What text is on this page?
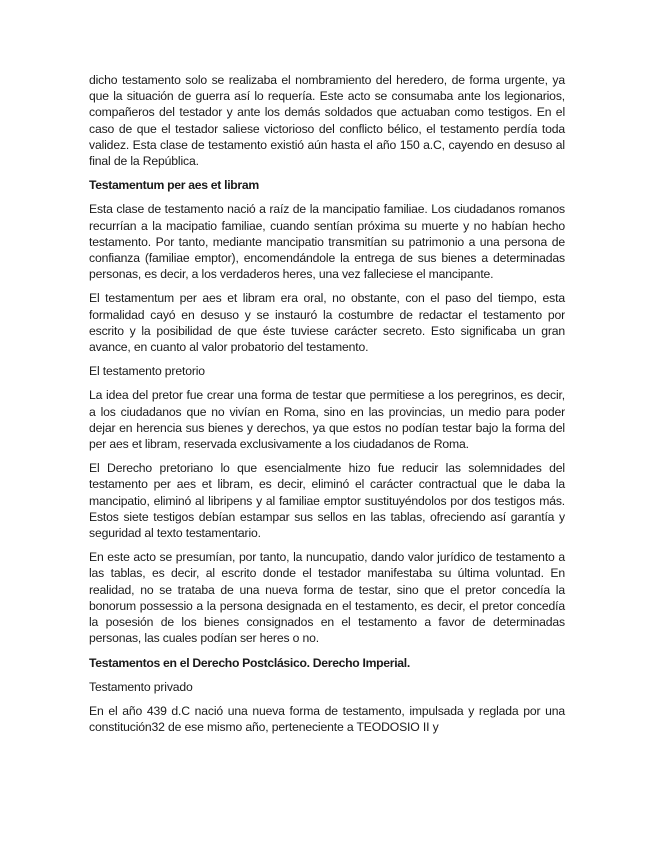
dicho testamento solo se realizaba el nombramiento del heredero, de forma urgente, ya que la situación de guerra así lo requería. Este acto se consumaba ante los legionarios, compañeros del testador y ante los demás soldados que actuaban como testigos. En el caso de que el testador saliese victorioso del conflicto bélico, el testamento perdía toda validez. Esta clase de testamento existió aún hasta el año 150 a.C, cayendo en desuso al final de la República.

Testamentum per aes et libram

Esta clase de testamento nació a raíz de la mancipatio familiae. Los ciudadanos romanos recurrían a la macipatio familiae, cuando sentían próxima su muerte y no habían hecho testamento. Por tanto, mediante mancipatio transmitían su patrimonio a una persona de confianza (familiae emptor), encomendándole la entrega de sus bienes a determinadas personas, es decir, a los verdaderos heres, una vez falleciese el mancipante.

El testamentum per aes et libram era oral, no obstante, con el paso del tiempo, esta formalidad cayó en desuso y se instauró la costumbre de redactar el testamento por escrito y la posibilidad de que éste tuviese carácter secreto. Esto significaba un gran avance, en cuanto al valor probatorio del testamento.

El testamento pretorio

La idea del pretor fue crear una forma de testar que permitiese a los peregrinos, es decir, a los ciudadanos que no vivían en Roma, sino en las provincias, un medio para poder dejar en herencia sus bienes y derechos, ya que estos no podían testar bajo la forma del per aes et libram, reservada exclusivamente a los ciudadanos de Roma.

El Derecho pretoriano lo que esencialmente hizo fue reducir las solemnidades del testamento per aes et libram, es decir, eliminó el carácter contractual que le daba la mancipatio, eliminó al libripens y al familiae emptor sustituyéndolos por dos testigos más. Estos siete testigos debían estampar sus sellos en las tablas, ofreciendo así garantía y seguridad al texto testamentario.

En este acto se presumían, por tanto, la nuncupatio, dando valor jurídico de testamento a las tablas, es decir, al escrito donde el testador manifestaba su última voluntad. En realidad, no se trataba de una nueva forma de testar, sino que el pretor concedía la bonorum possessio a la persona designada en el testamento, es decir, el pretor concedía la posesión de los bienes consignados en el testamento a favor de determinadas personas, las cuales podían ser heres o no.

Testamentos en el Derecho Postclásico. Derecho Imperial.

Testamento privado

En el año 439 d.C nació una nueva forma de testamento, impulsada y reglada por una constitución32 de ese mismo año, perteneciente a TEODOSIO II y
